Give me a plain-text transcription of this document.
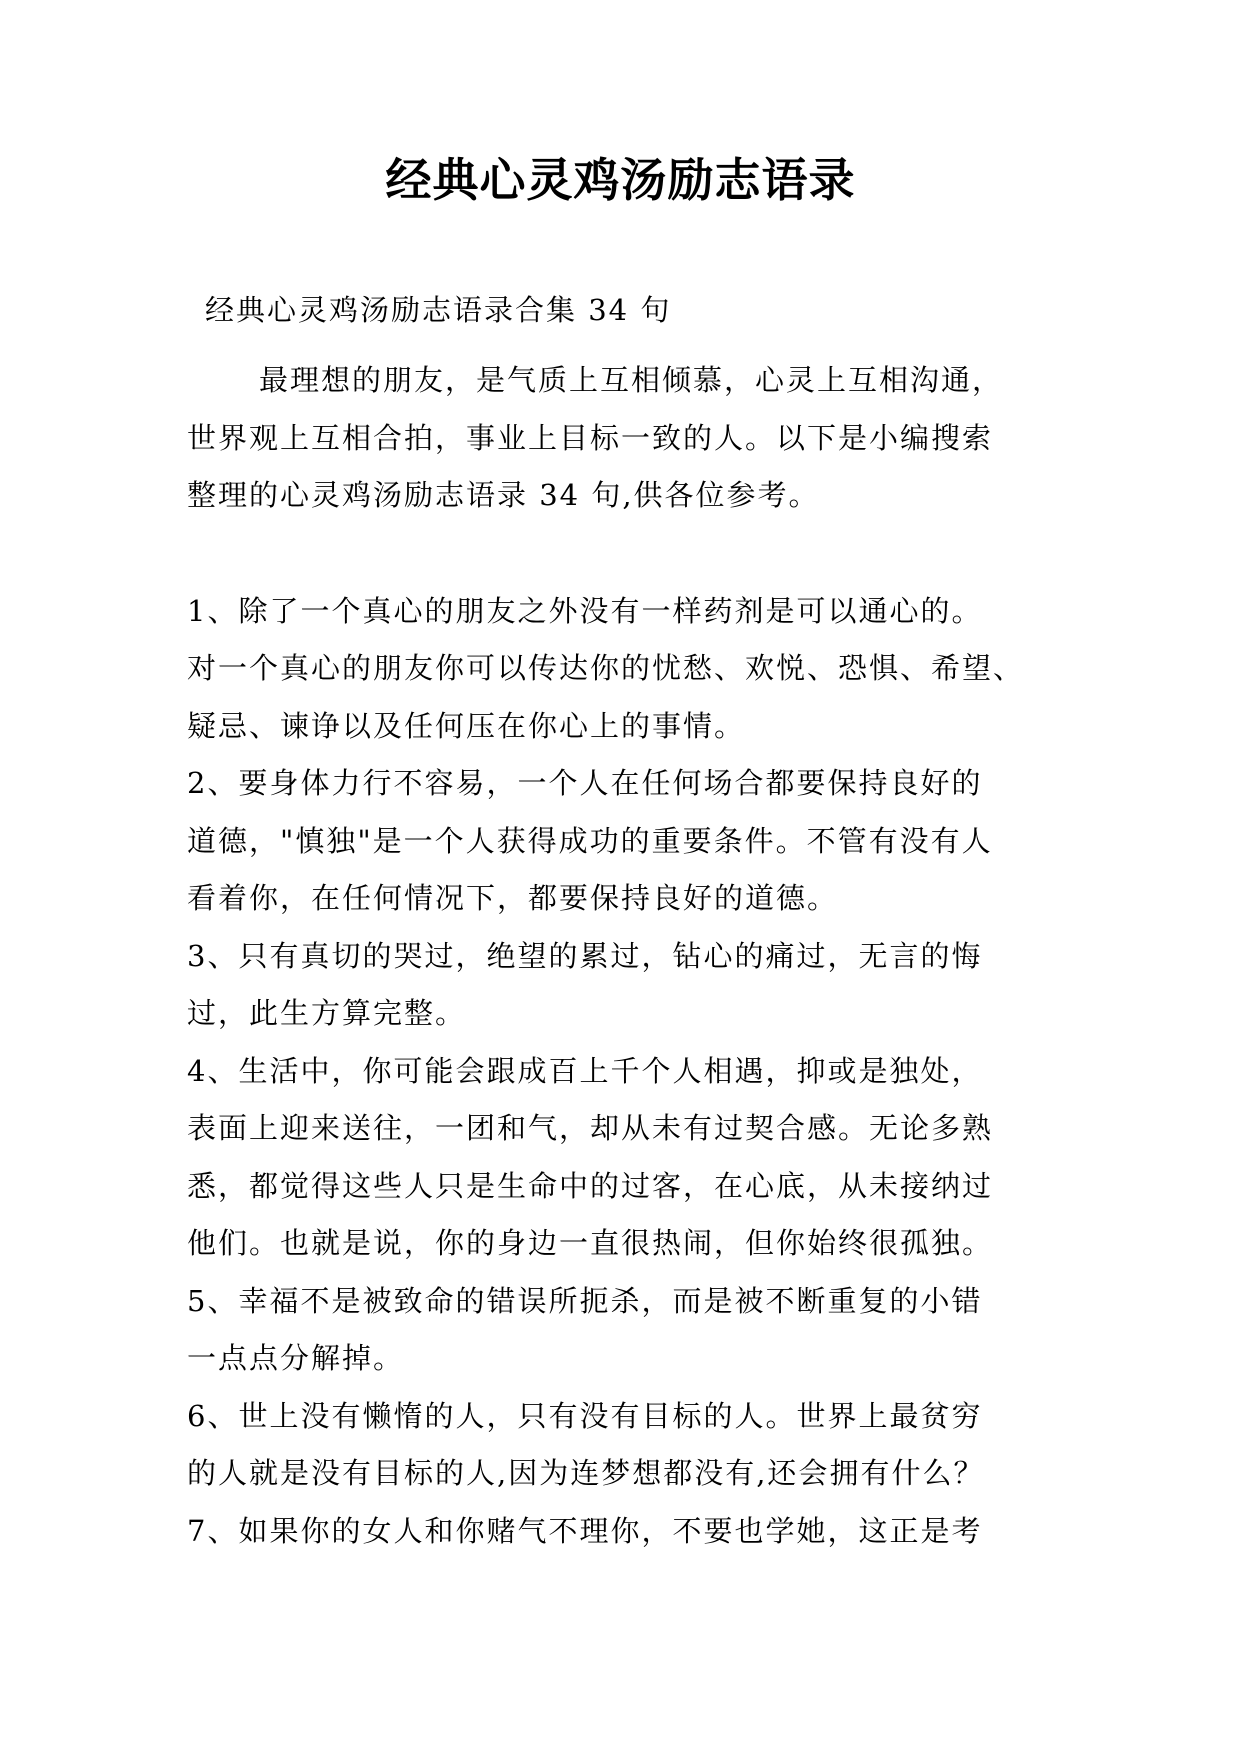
经典心灵鸡汤励志语录

经典心灵鸡汤励志语录合集 34 句

最理想的朋友，是气质上互相倾慕，心灵上互相沟通，
世界观上互相合拍，事业上目标一致的人。以下是小编搜索
整理的心灵鸡汤励志语录 34 句,供各位参考。
1、除了一个真心的朋友之外没有一样药剂是可以通心的。
对一个真心的朋友你可以传达你的忧愁、欢悦、恐惧、希望、
疑忌、谏诤以及任何压在你心上的事情。
2、要身体力行不容易，一个人在任何场合都要保持良好的
道德，"慎独"是一个人获得成功的重要条件。不管有没有人
看着你，在任何情况下，都要保持良好的道德。
3、只有真切的哭过，绝望的累过，钻心的痛过，无言的悔
过，此生方算完整。
4、生活中，你可能会跟成百上千个人相遇，抑或是独处，
表面上迎来送往，一团和气，却从未有过契合感。无论多熟
悉，都觉得这些人只是生命中的过客，在心底，从未接纳过
他们。也就是说，你的身边一直很热闹，但你始终很孤独。
5、幸福不是被致命的错误所扼杀，而是被不断重复的小错
一点点分解掉。
6、世上没有懒惰的人，只有没有目标的人。世界上最贫穷
的人就是没有目标的人,因为连梦想都没有,还会拥有什么？
7、如果你的女人和你赌气不理你，不要也学她，这正是考
